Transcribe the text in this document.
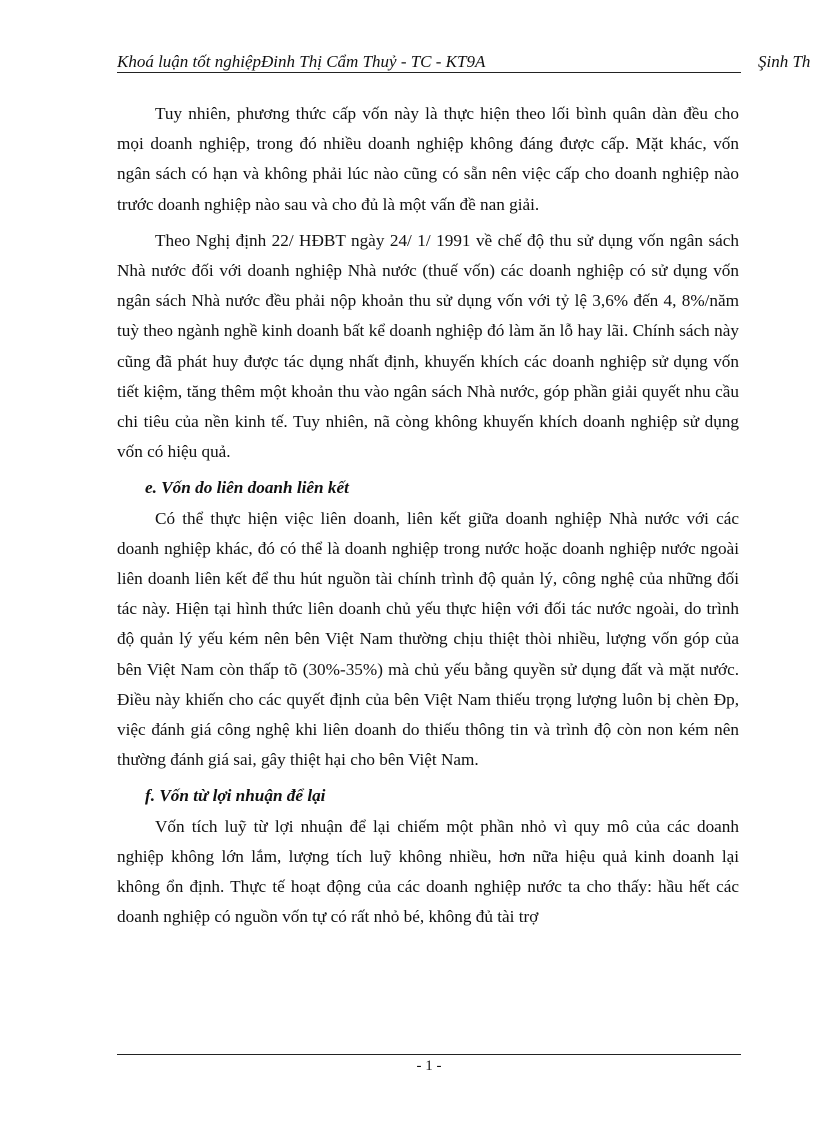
Khoá luận tốt nghiệpĐinh Thị Cẩm Thuỷ - TC - KT9A	Şinh Th

Tuy nhiên, phương thức cấp vốn này là thực hiện theo lối bình quân dàn đều cho mọi doanh nghiệp, trong đó nhiều doanh nghiệp không đáng được cấp. Mặt khác, vốn ngân sách có hạn và không phải lúc nào cũng có sẵn nên việc cấp cho doanh nghiệp nào trước doanh nghiệp nào sau và cho đủ là một vấn đề nan giải.

Theo Nghị định 22/ HĐBT ngày 24/ 1/ 1991 về chế độ thu sử dụng vốn ngân sách Nhà nước đối với doanh nghiệp Nhà nước (thuế vốn) các doanh nghiệp có sử dụng vốn ngân sách Nhà nước đều phải nộp khoản thu sử dụng vốn với tỷ lệ 3,6% đến 4, 8%/năm tuỳ theo ngành nghề kinh doanh bất kể doanh nghiệp đó làm ăn lỗ hay lãi. Chính sách này cũng đã phát huy được tác dụng nhất định, khuyến khích các doanh nghiệp sử dụng vốn tiết kiệm, tăng thêm một khoản thu vào ngân sách Nhà nước, góp phần giải quyết nhu cầu chi tiêu của nền kinh tế. Tuy nhiên, nã còng không khuyến khích doanh nghiệp sử dụng vốn có hiệu quả.

e. Vốn do liên doanh liên kết

Có thể thực hiện việc liên doanh, liên kết giữa doanh nghiệp Nhà nước với các doanh nghiệp khác, đó có thể là doanh nghiệp trong nước hoặc doanh nghiệp nước ngoài liên doanh liên kết để thu hút nguồn tài chính trình độ quản lý, công nghệ của những đối tác này. Hiện tại hình thức liên doanh chủ yếu thực hiện với đối tác nước ngoài, do trình độ quản lý yếu kém nên bên Việt Nam thường chịu thiệt thòi nhiều, lượng vốn góp của bên Việt Nam còn thấp tõ (30%-35%) mà chủ yếu bằng quyền sử dụng đất và mặt nước. Điều này khiến cho các quyết định của bên Việt Nam thiếu trọng lượng luôn bị chèn Ðp, việc đánh giá công nghệ khi liên doanh do thiếu thông tin và trình độ còn non kém nên thường đánh giá sai, gây thiệt hại cho bên Việt Nam.

f. Vốn từ lợi nhuận để lại

Vốn tích luỹ từ lợi nhuận để lại chiếm một phần nhỏ vì quy mô của các doanh nghiệp không lớn lắm, lượng tích luỹ không nhiều, hơn nữa hiệu quả kinh doanh lại không ổn định. Thực tế hoạt động của các doanh nghiệp nước ta cho thấy: hầu hết các doanh nghiệp có nguồn vốn tự có rất nhỏ bé, không đủ tài trợ

- 1 -
